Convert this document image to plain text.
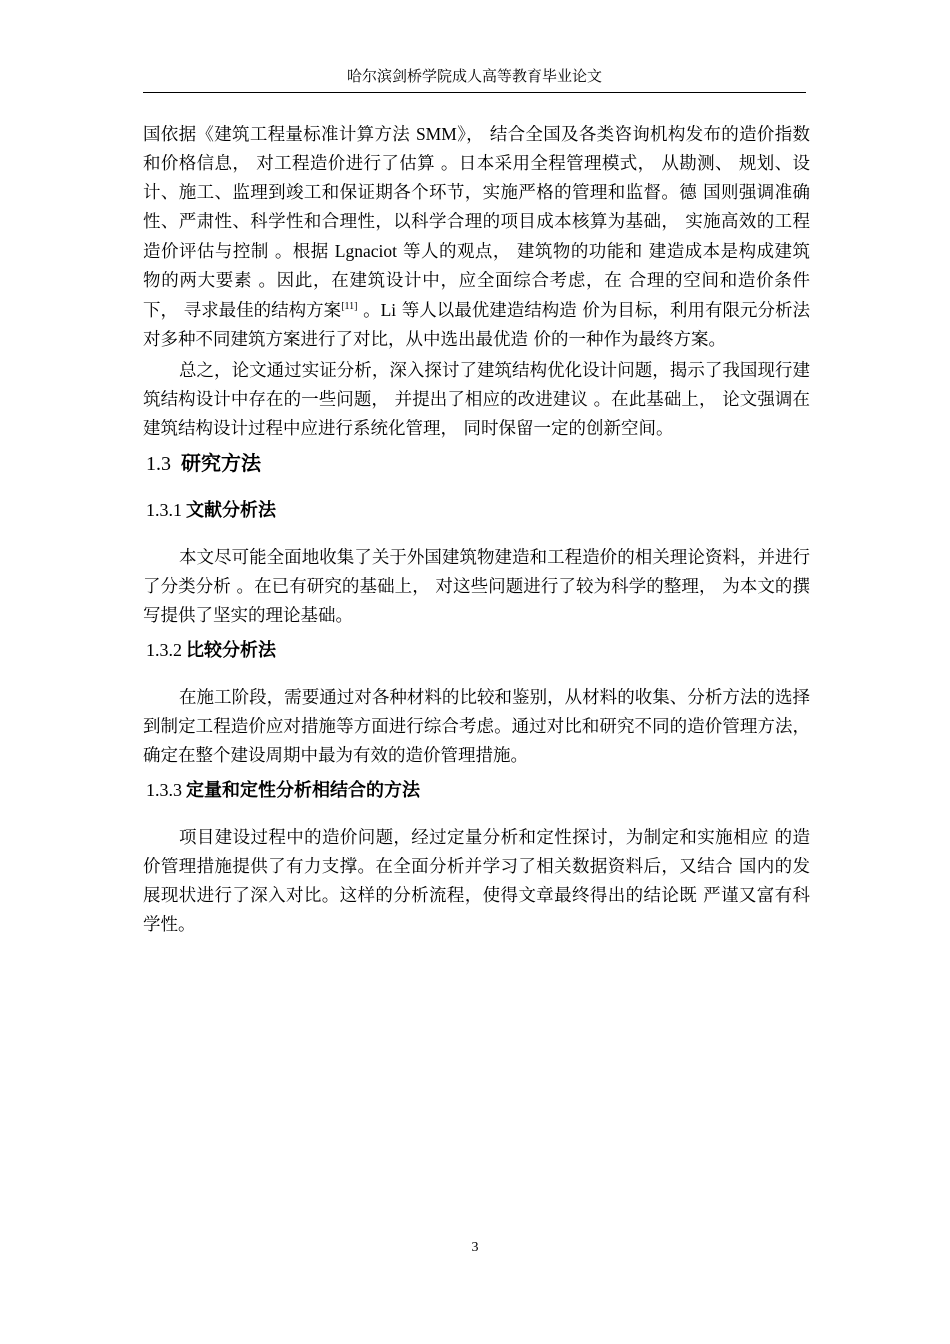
哈尔滨剑桥学院成人高等教育毕业论文

国依据《建筑工程量标准计算方法 SMM》， 结合全国及各类咨询机构发布的造价指数和价格信息， 对工程造价进行了估算 。日本采用全程管理模式， 从勘测、 规划、设计、施工、监理到竣工和保证期各个环节，实施严格的管理和监督。德 国则强调准确性、严肃性、科学性和合理性，以科学合理的项目成本核算为基础， 实施高效的工程造价评估与控制 。根据 Lgnaciot 等人的观点， 建筑物的功能和 建造成本是构成建筑物的两大要素 。因此，在建筑设计中，应全面综合考虑，在 合理的空间和造价条件下， 寻求最佳的结构方案[11] 。Li 等人以最优建造结构造 价为目标，利用有限元分析法对多种不同建筑方案进行了对比，从中选出最优造 价的一种作为最终方案。

总之，论文通过实证分析，深入探讨了建筑结构优化设计问题，揭示了我国现行建筑结构设计中存在的一些问题， 并提出了相应的改进建议 。在此基础上， 论文强调在建筑结构设计过程中应进行系统化管理， 同时保留一定的创新空间。

1.3 研究方法
1.3.1 文献分析法

本文尽可能全面地收集了关于外国建筑物建造和工程造价的相关理论资料，并进行了分类分析 。在已有研究的基础上， 对这些问题进行了较为科学的整理， 为本文的撰写提供了坚实的理论基础。

1.3.2 比较分析法

在施工阶段，需要通过对各种材料的比较和鉴别，从材料的收集、分析方法的选择到制定工程造价应对措施等方面进行综合考虑。通过对比和研究不同的造价管理方法， 确定在整个建设周期中最为有效的造价管理措施。

1.3.3 定量和定性分析相结合的方法

项目建设过程中的造价问题，经过定量分析和定性探讨，为制定和实施相应 的造价管理措施提供了有力支撑。在全面分析并学习了相关数据资料后，又结合 国内的发展现状进行了深入对比。这样的分析流程，使得文章最终得出的结论既 严谨又富有科学性。

3
